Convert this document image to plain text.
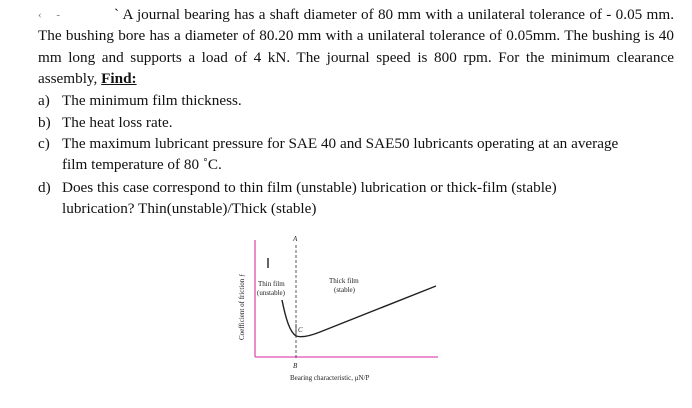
‹ -	` A journal bearing has a shaft diameter of 80 mm with a unilateral tolerance of - 0.05 mm. The bushing bore has a diameter of 80.20 mm with a unilateral tolerance of 0.05mm. The bushing is 40 mm long and supports a load of 4 kN. The journal speed is 800 rpm. For the minimum clearance assembly, Find:
a) The minimum film thickness.
b) The heat loss rate.
c) The maximum lubricant pressure for SAE 40 and SAE50 lubricants operating at an average
film temperature of 80 ˚C.
d) Does this case correspond to thin film (unstable) lubrication or thick-film (stable)
lubrication? Thin(unstable)/Thick (stable)
A
B
C
Thin film
(unstable)
Thick film
(stable)
Coefficient of friction ƒ
Bearing characteristic, μN/P
